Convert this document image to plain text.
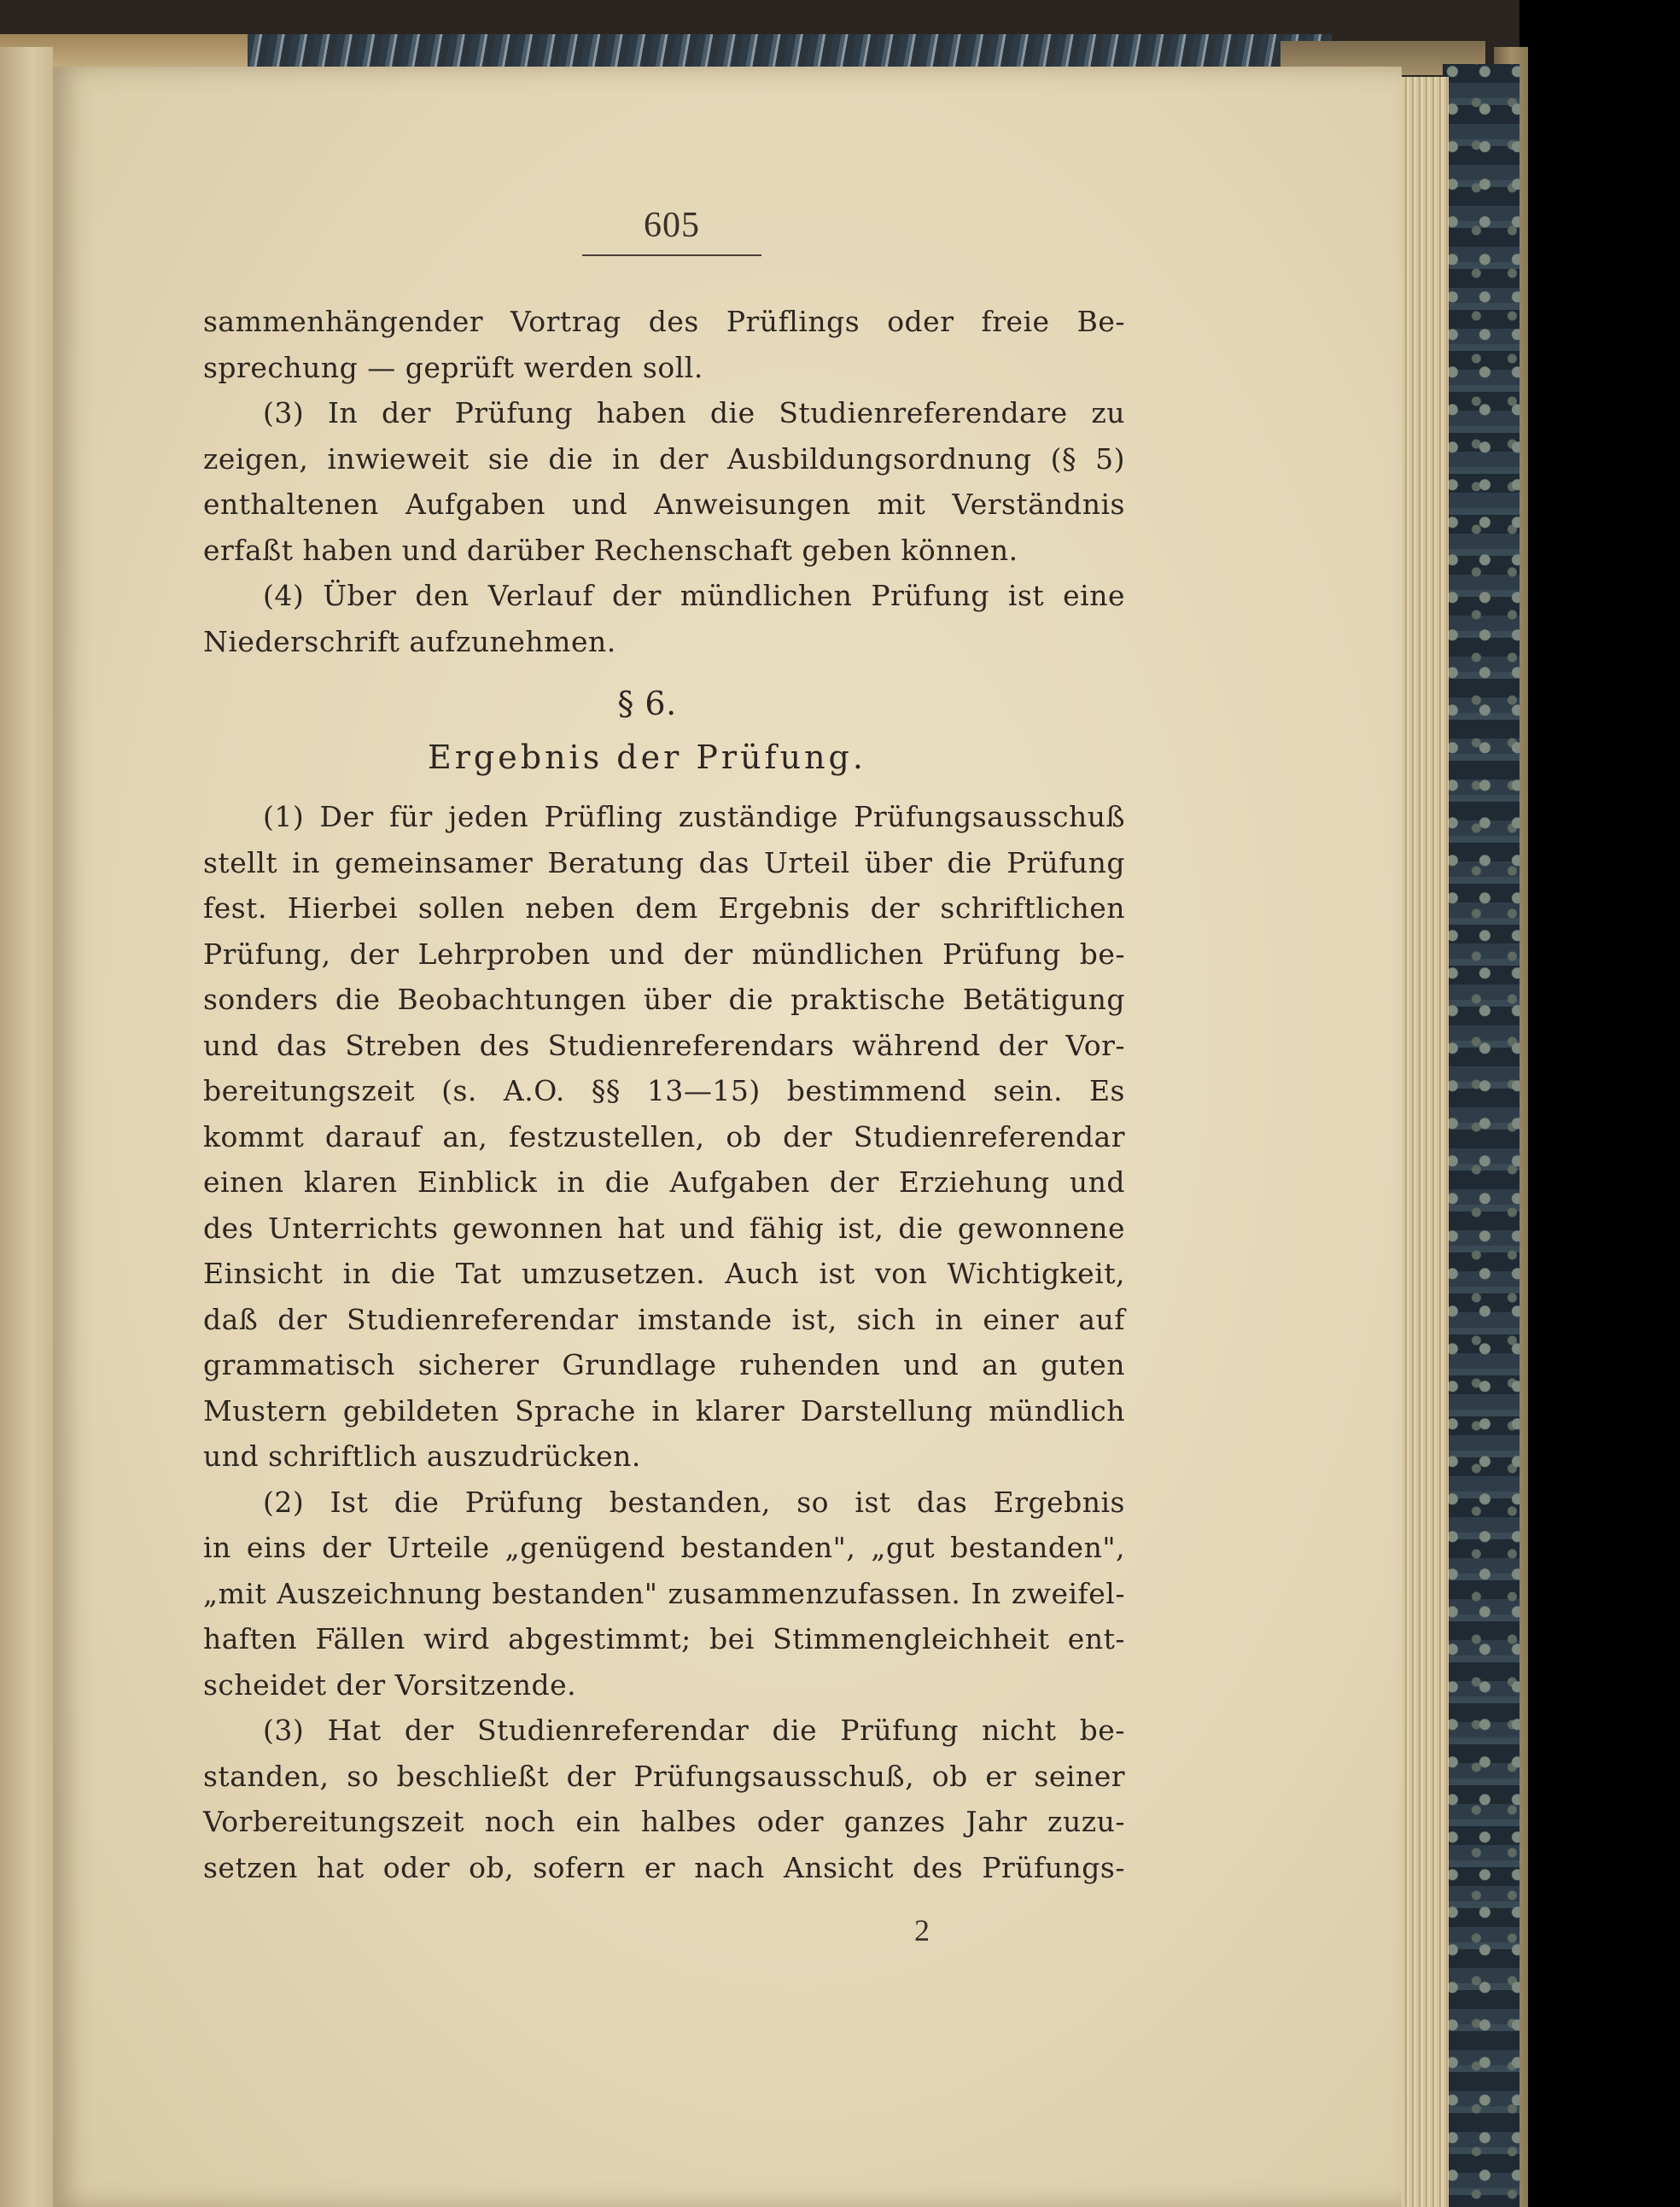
605
sammenhängender Vortrag des Prüflings oder freie Be-
sprechung — geprüft werden soll.
(3) In der Prüfung haben die Studienreferendare zu
zeigen, inwieweit sie die in der Ausbildungsordnung (§ 5)
enthaltenen Aufgaben und Anweisungen mit Verständnis
erfaßt haben und darüber Rechenschaft geben können.
(4) Über den Verlauf der mündlichen Prüfung ist eine
Niederschrift aufzunehmen.
§ 6.
Ergebnis der Prüfung.
(1) Der für jeden Prüfling zuständige Prüfungsausschuß
stellt in gemeinsamer Beratung das Urteil über die Prüfung
fest. Hierbei sollen neben dem Ergebnis der schriftlichen
Prüfung, der Lehrproben und der mündlichen Prüfung be-
sonders die Beobachtungen über die praktische Betätigung
und das Streben des Studienreferendars während der Vor-
bereitungszeit (s. A.O. §§ 13—15) bestimmend sein. Es
kommt darauf an, festzustellen, ob der Studienreferendar
einen klaren Einblick in die Aufgaben der Erziehung und
des Unterrichts gewonnen hat und fähig ist, die gewonnene
Einsicht in die Tat umzusetzen. Auch ist von Wichtigkeit,
daß der Studienreferendar imstande ist, sich in einer auf
grammatisch sicherer Grundlage ruhenden und an guten
Mustern gebildeten Sprache in klarer Darstellung mündlich
und schriftlich auszudrücken.
(2) Ist die Prüfung bestanden, so ist das Ergebnis
in eins der Urteile „genügend bestanden", „gut bestanden",
„mit Auszeichnung bestanden" zusammenzufassen. In zweifel-
haften Fällen wird abgestimmt; bei Stimmengleichheit ent-
scheidet der Vorsitzende.
(3) Hat der Studienreferendar die Prüfung nicht be-
standen, so beschließt der Prüfungsausschuß, ob er seiner
Vorbereitungszeit noch ein halbes oder ganzes Jahr zuzu-
setzen hat oder ob, sofern er nach Ansicht des Prüfungs-
2
